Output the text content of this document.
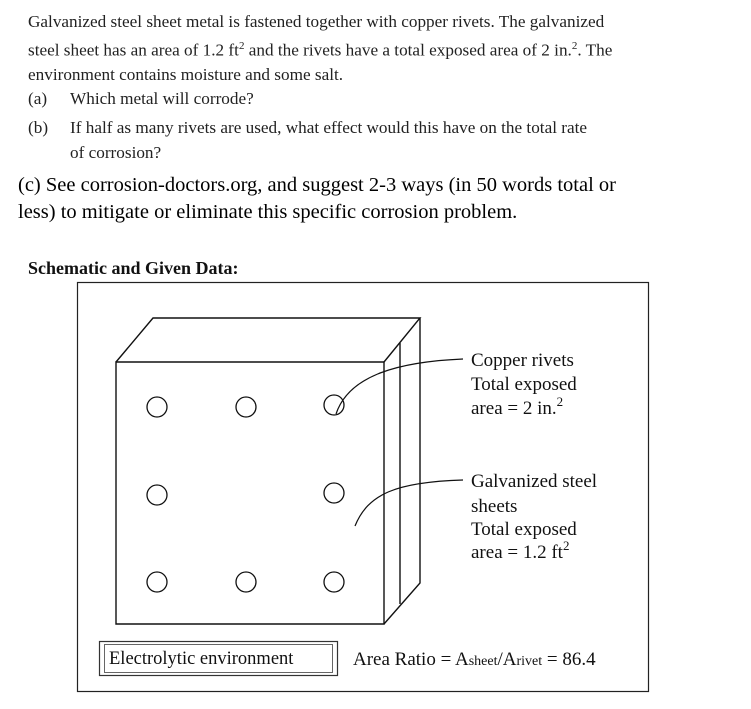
Galvanized steel sheet metal is fastened together with copper rivets. The galvanized
steel sheet has an area of 1.2 $ft^2$ and the rivets have a total exposed area of 2 in.$^2$. The
environment contains moisture and some salt.
(a) Which metal will corrode?
(b) If half as many rivets are used, what effect would this have on the total rate
of corrosion?
(c) See corrosion-doctors.org, and suggest 2-3 ways (in 50 words total or
less) to mitigate or eliminate this specific corrosion problem.
Schematic and Given Data:
Copper rivets
Total exposed
area = 2 in.$^2$
Galvanized steel
sheets
Total exposed
area = 1.2 $ft^2$
Electrolytic environment	Area Ratio = Asheet/Arivet = 86.4
